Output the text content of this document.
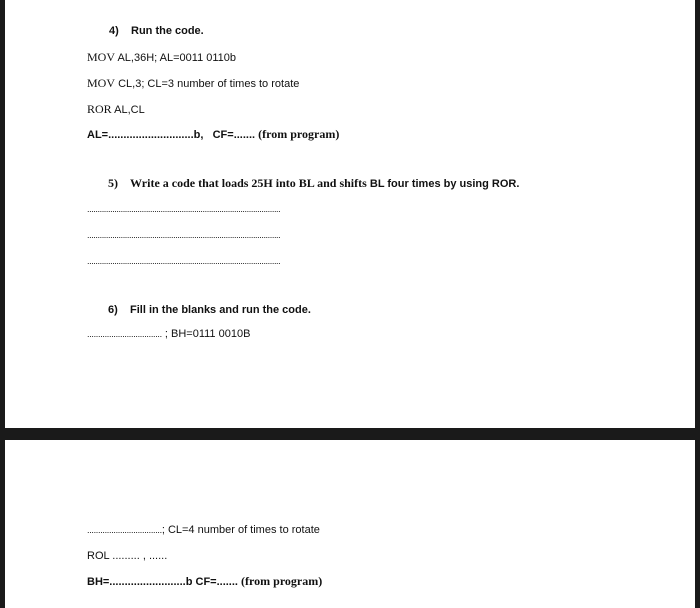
4) Run the code.
MOV AL,36H; AL=0011 0110b
MOV CL,3; CL=3 number of times to rotate
ROR AL,CL
AL=............................b, CF=....... (from program)
5) Write a code that loads 25H into BL and shifts BL four times by using ROR.
............................................................................................
............................................................................................
............................................................................................
6) Fill in the blanks and run the code.
.................................. ; BH=0111 0010B
..................................; CL=4 number of times to rotate
ROL ......... , ......
BH=.........................b CF=....... (from program)
